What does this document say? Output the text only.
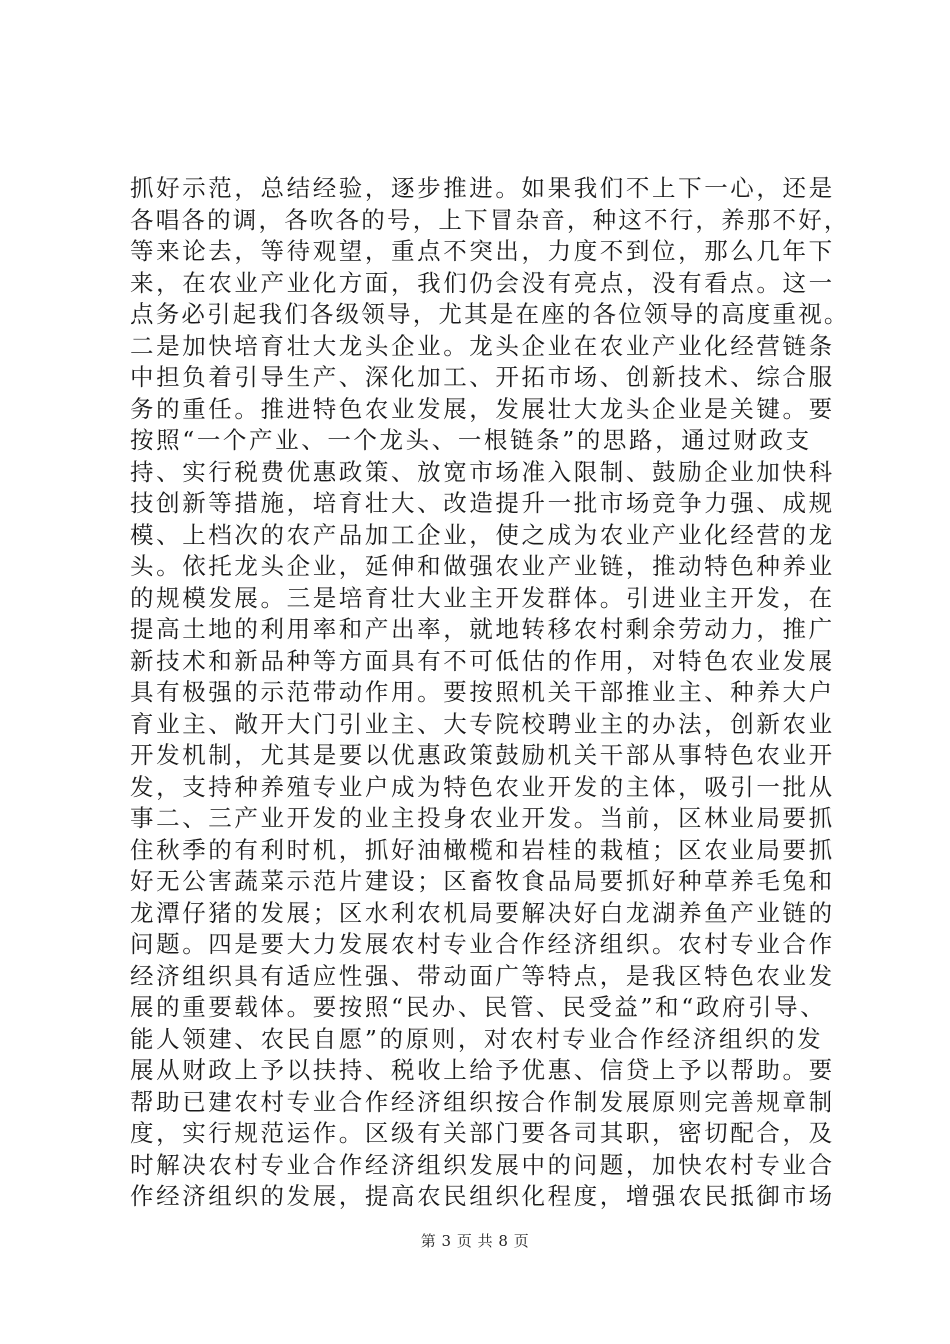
抓好示范，总结经验，逐步推进。如果我们不上下一心，还是
各唱各的调，各吹各的号，上下冒杂音，种这不行，养那不好，
等来论去，等待观望，重点不突出，力度不到位，那么几年下
来，在农业产业化方面，我们仍会没有亮点，没有看点。这一
点务必引起我们各级领导，尤其是在座的各位领导的高度重视。
二是加快培育壮大龙头企业。龙头企业在农业产业化经营链条
中担负着引导生产、深化加工、开拓市场、创新技术、综合服
务的重任。推进特色农业发展，发展壮大龙头企业是关键。要
按照“一个产业、一个龙头、一根链条”的思路，通过财政支
持、实行税费优惠政策、放宽市场准入限制、鼓励企业加快科
技创新等措施，培育壮大、改造提升一批市场竞争力强、成规
模、上档次的农产品加工企业，使之成为农业产业化经营的龙
头。依托龙头企业，延伸和做强农业产业链，推动特色种养业
的规模发展。三是培育壮大业主开发群体。引进业主开发，在
提高土地的利用率和产出率，就地转移农村剩余劳动力，推广
新技术和新品种等方面具有不可低估的作用，对特色农业发展
具有极强的示范带动作用。要按照机关干部推业主、种养大户
育业主、敞开大门引业主、大专院校聘业主的办法，创新农业
开发机制，尤其是要以优惠政策鼓励机关干部从事特色农业开
发，支持种养殖专业户成为特色农业开发的主体，吸引一批从
事二、三产业开发的业主投身农业开发。当前，区林业局要抓
住秋季的有利时机，抓好油橄榄和岩桂的栽植；区农业局要抓
好无公害蔬菜示范片建设；区畜牧食品局要抓好种草养毛兔和
龙潭仔猪的发展；区水利农机局要解决好白龙湖养鱼产业链的
问题。四是要大力发展农村专业合作经济组织。农村专业合作
经济组织具有适应性强、带动面广等特点，是我区特色农业发
展的重要载体。要按照“民办、民管、民受益”和“政府引导、
能人领建、农民自愿”的原则，对农村专业合作经济组织的发
展从财政上予以扶持、税收上给予优惠、信贷上予以帮助。要
帮助已建农村专业合作经济组织按合作制发展原则完善规章制
度，实行规范运作。区级有关部门要各司其职，密切配合，及
时解决农村专业合作经济组织发展中的问题，加快农村专业合
作经济组织的发展，提高农民组织化程度，增强农民抵御市场
第 3 页 共 8 页
